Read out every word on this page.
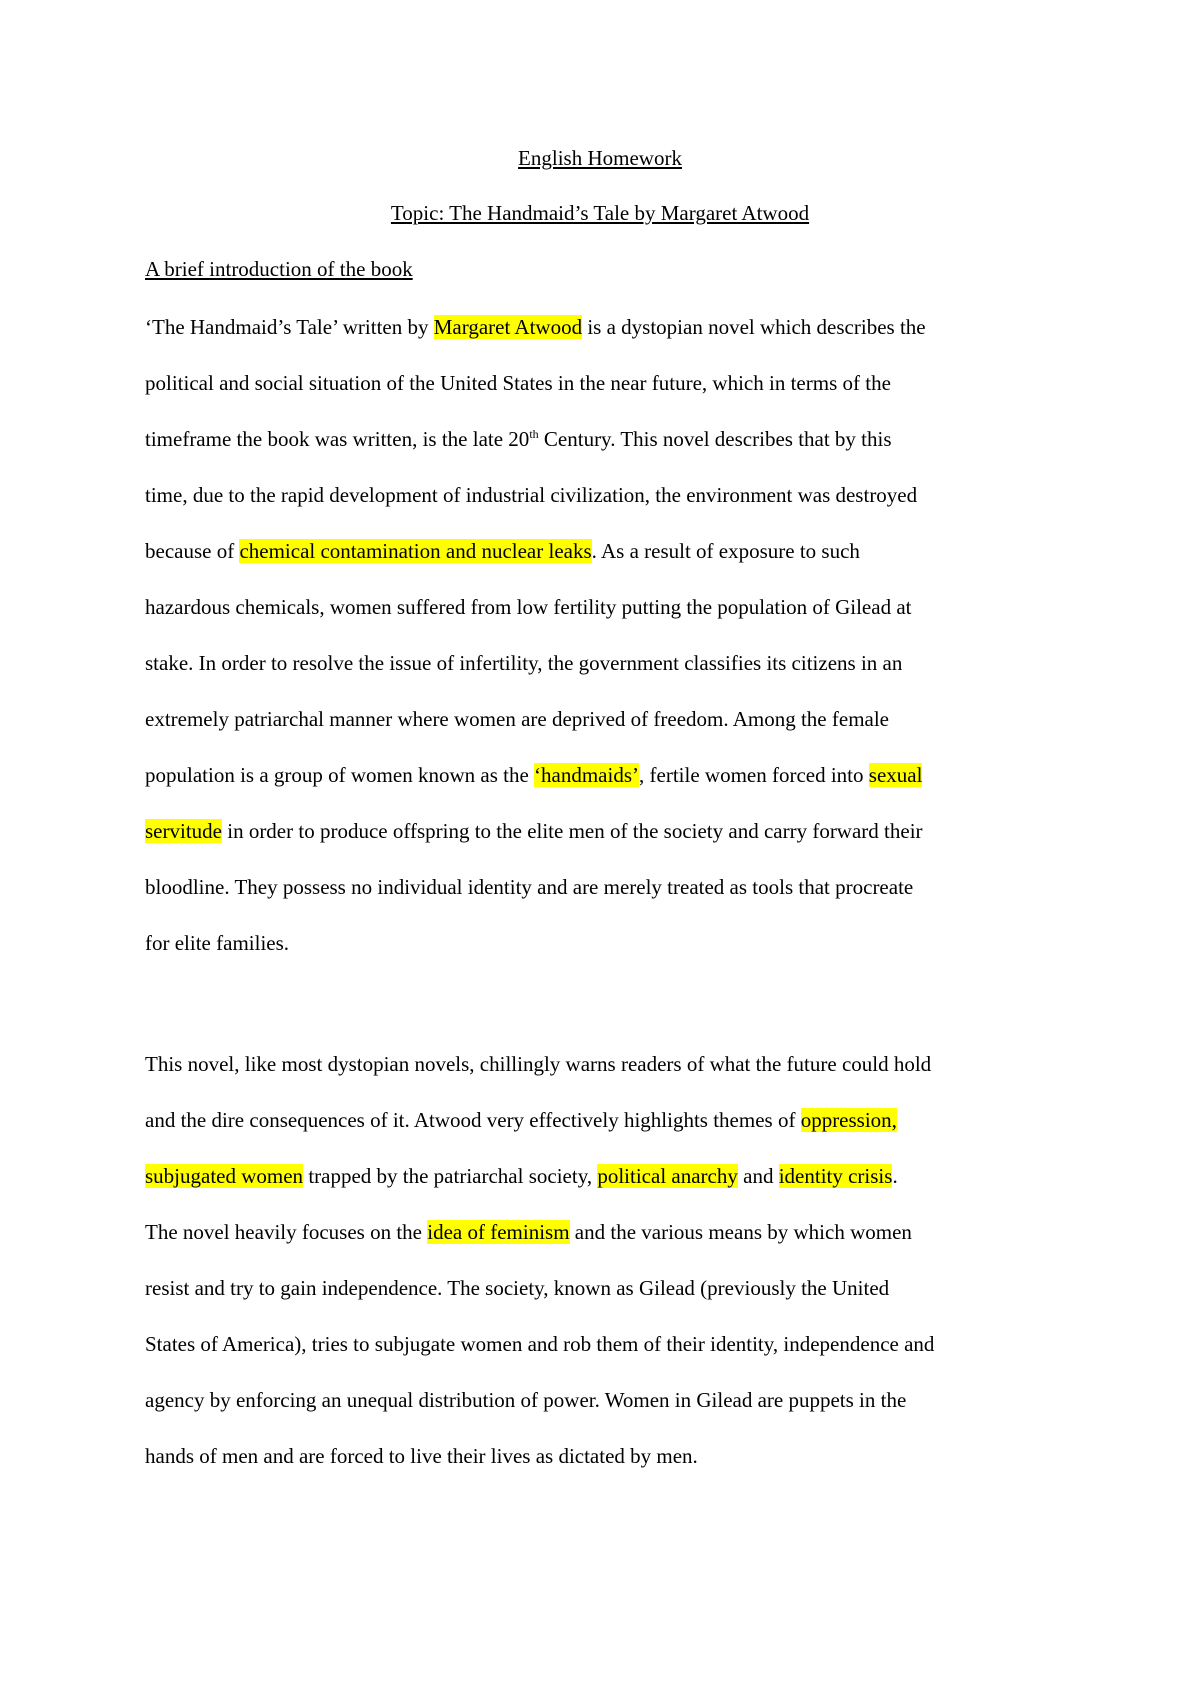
English Homework
Topic: The Handmaid’s Tale by Margaret Atwood
A brief introduction of the book
‘The Handmaid’s Tale’ written by Margaret Atwood is a dystopian novel which describes the
political and social situation of the United States in the near future, which in terms of the
timeframe the book was written, is the late 20th Century. This novel describes that by this
time, due to the rapid development of industrial civilization, the environment was destroyed
because of chemical contamination and nuclear leaks. As a result of exposure to such
hazardous chemicals, women suffered from low fertility putting the population of Gilead at
stake. In order to resolve the issue of infertility, the government classifies its citizens in an
extremely patriarchal manner where women are deprived of freedom. Among the female
population is a group of women known as the ‘handmaids’, fertile women forced into sexual
servitude in order to produce offspring to the elite men of the society and carry forward their
bloodline. They possess no individual identity and are merely treated as tools that procreate
for elite families.
This novel, like most dystopian novels, chillingly warns readers of what the future could hold
and the dire consequences of it. Atwood very effectively highlights themes of oppression,
subjugated women trapped by the patriarchal society, political anarchy and identity crisis.
The novel heavily focuses on the idea of feminism and the various means by which women
resist and try to gain independence. The society, known as Gilead (previously the United
States of America), tries to subjugate women and rob them of their identity, independence and
agency by enforcing an unequal distribution of power. Women in Gilead are puppets in the
hands of men and are forced to live their lives as dictated by men.
